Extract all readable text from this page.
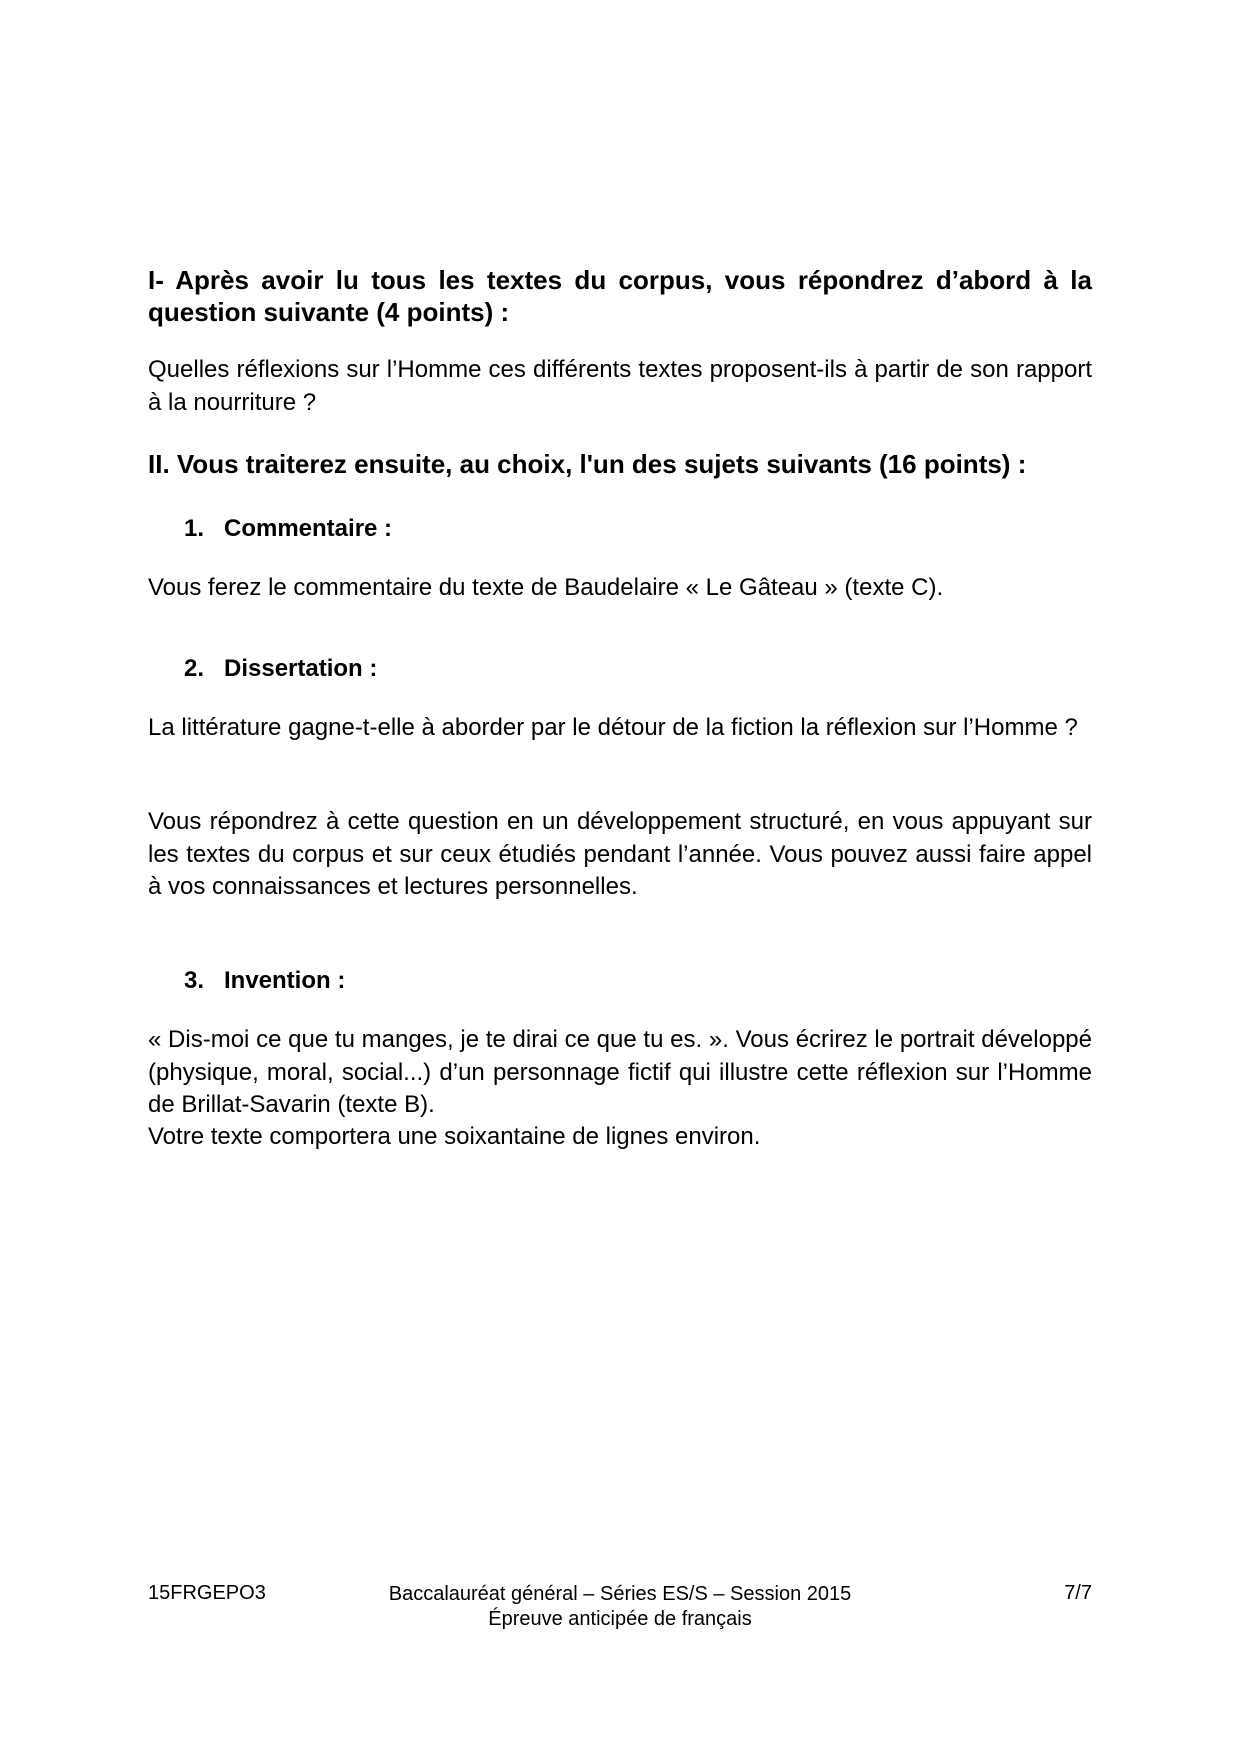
I- Après avoir lu tous les textes du corpus, vous répondrez d’abord à la question suivante (4 points) :

Quelles réflexions sur l’Homme ces différents textes proposent-ils à partir de son rapport à la nourriture ?

II. Vous traiterez ensuite, au choix, l'un des sujets suivants (16 points) :
1. Commentaire :

Vous ferez le commentaire du texte de Baudelaire « Le Gâteau » (texte C).

2. Dissertation :

La littérature gagne-t-elle à aborder par le détour de la fiction la réflexion sur l’Homme ?

Vous répondrez à cette question en un développement structuré, en vous appuyant sur les textes du corpus et sur ceux étudiés pendant l’année. Vous pouvez aussi faire appel à vos connaissances et lectures personnelles.

3. Invention :

« Dis-moi ce que tu manges, je te dirai ce que tu es. ». Vous écrirez le portrait développé (physique, moral, social...) d’un personnage fictif qui illustre cette réflexion sur l’Homme de Brillat-Savarin (texte B).

Votre texte comportera une soixantaine de lignes environ.

15FRGEPO3	Baccalauréat général – Séries ES/S – Session 2015
Épreuve anticipée de français
7/7
